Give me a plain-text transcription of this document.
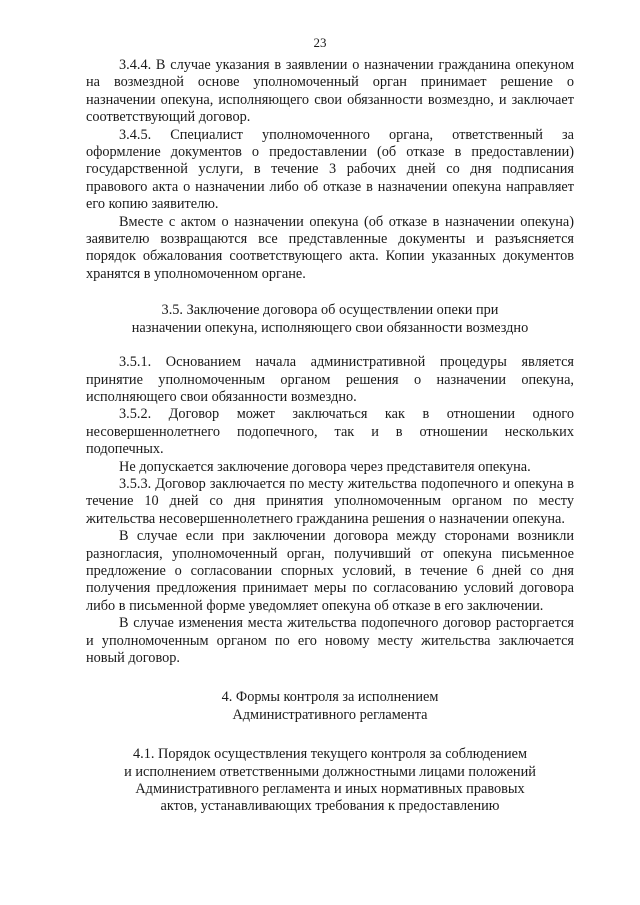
23

3.4.4. В случае указания в заявлении о назначении гражданина опекуном на возмездной основе уполномоченный орган принимает решение о назначении опекуна, исполняющего свои обязанности возмездно, и заключает соответствующий договор.

3.4.5. Специалист уполномоченного органа, ответственный за оформление документов о предоставлении (об отказе в предоставлении) государственной услуги, в течение 3 рабочих дней со дня подписания правового акта о назначении либо об отказе в назначении опекуна направляет его копию заявителю.

Вместе с актом о назначении опекуна (об отказе в назначении опекуна) заявителю возвращаются все представленные документы и разъясняется порядок обжалования соответствующего акта. Копии указанных документов хранятся в уполномоченном органе.

3.5. Заключение договора об осуществлении опеки при

назначении опекуна, исполняющего свои обязанности возмездно

3.5.1. Основанием начала административной процедуры является принятие уполномоченным органом решения о назначении опекуна, исполняющего свои обязанности возмездно.

3.5.2. Договор может заключаться как в отношении одного несовершеннолетнего подопечного, так и в отношении нескольких подопечных.

Не допускается заключение договора через представителя опекуна.

3.5.3. Договор заключается по месту жительства подопечного и опекуна в течение 10 дней со дня принятия уполномоченным органом по месту жительства несовершеннолетнего гражданина решения о назначении опекуна.

В случае если при заключении договора между сторонами возникли разногласия, уполномоченный орган, получивший от опекуна письменное предложение о согласовании спорных условий, в течение 6 дней со дня получения предложения принимает меры по согласованию условий договора либо в письменной форме уведомляет опекуна об отказе в его заключении.

В случае изменения места жительства подопечного договор расторгается и уполномоченным органом по его новому месту жительства заключается новый договор.

4. Формы контроля за исполнением

Административного регламента

4.1. Порядок осуществления текущего контроля за соблюдением

и исполнением ответственными должностными лицами положений

Административного регламента и иных нормативных правовых

актов, устанавливающих требования к предоставлению
